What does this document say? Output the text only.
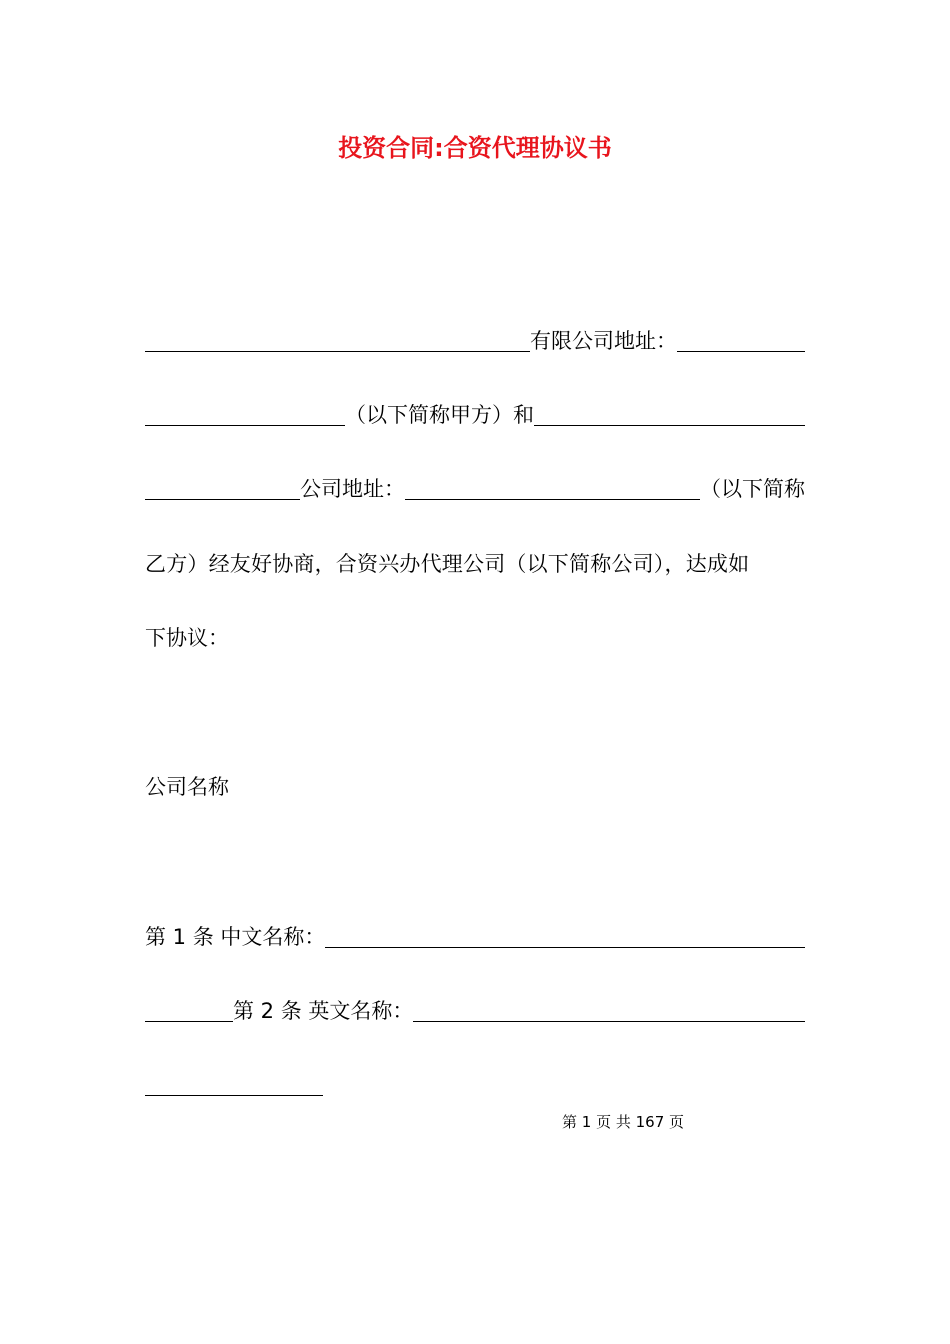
投资合同:合资代理协议书
有限公司地址：
（以下简称甲方）和
公司地址：	（以下简称
乙方）经友好协商，合资兴办代理公司（以下简称公司），达成如
下协议：
公司名称
第 1 条 中文名称：
第 2 条 英文名称：
第 1 页 共 167 页
